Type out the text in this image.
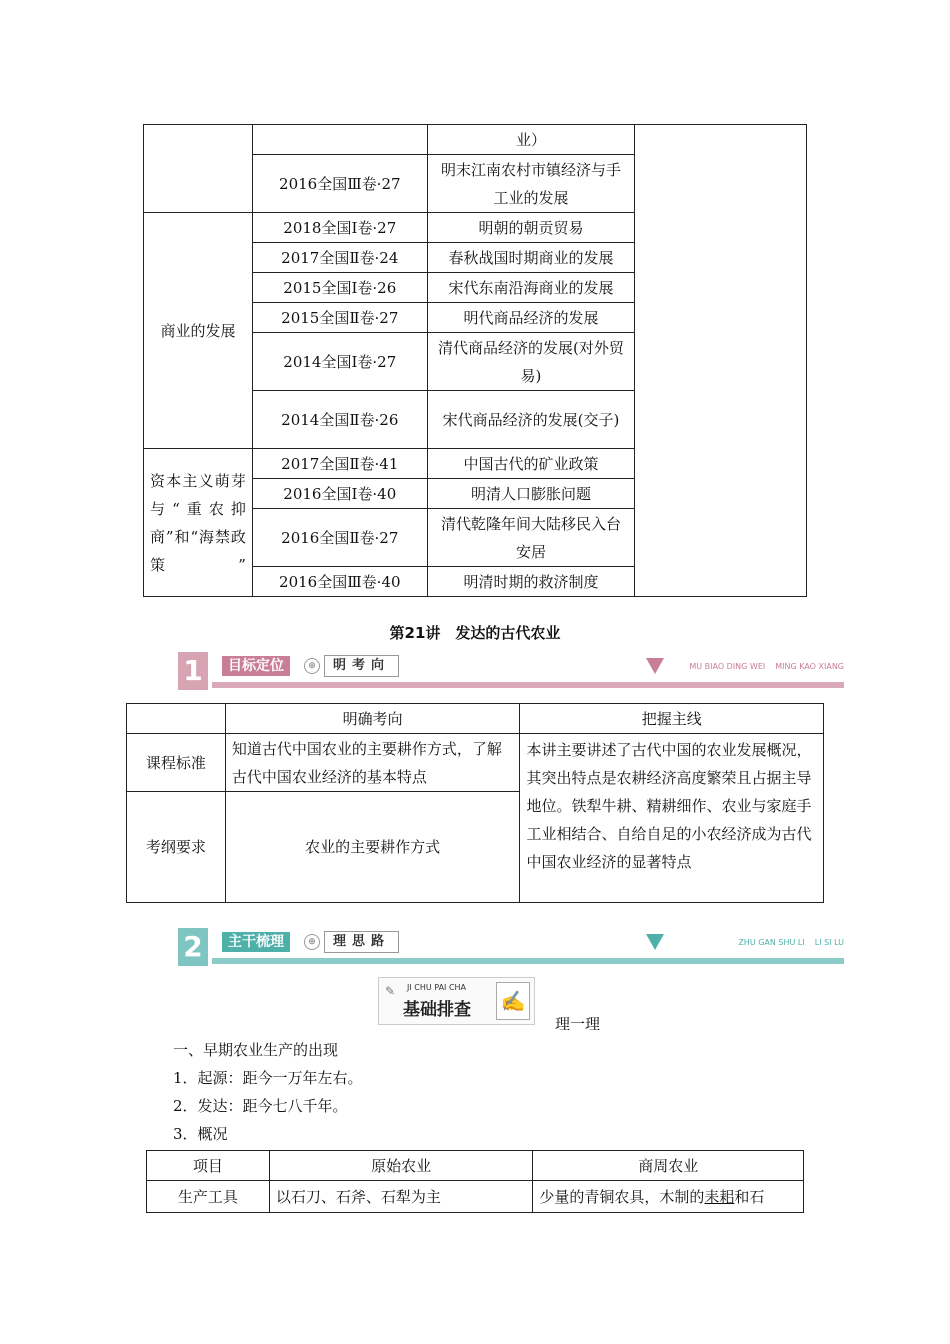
		业）	
	2016全国Ⅲ卷·27	明末江南农村市镇经济与手工业的发展	
商业的发展	2018全国Ⅰ卷·27	明朝的朝贡贸易	
	2017全国Ⅱ卷·24	春秋战国时期商业的发展	
	2015全国Ⅰ卷·26	宋代东南沿海商业的发展	
	2015全国Ⅱ卷·27	明代商品经济的发展	
	2014全国Ⅰ卷·27	清代商品经济的发展(对外贸易)	
	2014全国Ⅱ卷·26	宋代商品经济的发展(交子)	
资本主义萌芽与“重农抑商”和“海禁政策”	2017全国Ⅱ卷·41	中国古代的矿业政策	
	2016全国Ⅰ卷·40	明清人口膨胀问题	
	2016全国Ⅱ卷·27	清代乾隆年间大陆移民入台安居	
	2016全国Ⅲ卷·40	明清时期的救济制度	
第21讲　发达的古代农业
1	目标定位	⊕	明考向	MU BIAO DING WEI MING KAO XIANG
	明确考向	把握主线
课程标准	知道古代中国农业的主要耕作方式，了解古代中国农业经济的基本特点	本讲主要讲述了古代中国的农业发展概况，其突出特点是农耕经济高度繁荣且占据主导地位。铁犁牛耕、精耕细作、农业与家庭手工业相结合、自给自足的小农经济成为古代中国农业经济的显著特点
考纲要求	农业的主要耕作方式	
2	主干梳理	⊕	理思路	ZHU GAN SHU LI LI SI LU
✎ JI CHU PAI CHA
基础排查 ✍
理一理
一、早期农业生产的出现
1．起源：距今一万年左右。
2．发达：距今七八千年。
3．概况
项目	原始农业	商周农业
生产工具	以石刀、石斧、石犁为主	少量的青铜农具，木制的耒耜和石
